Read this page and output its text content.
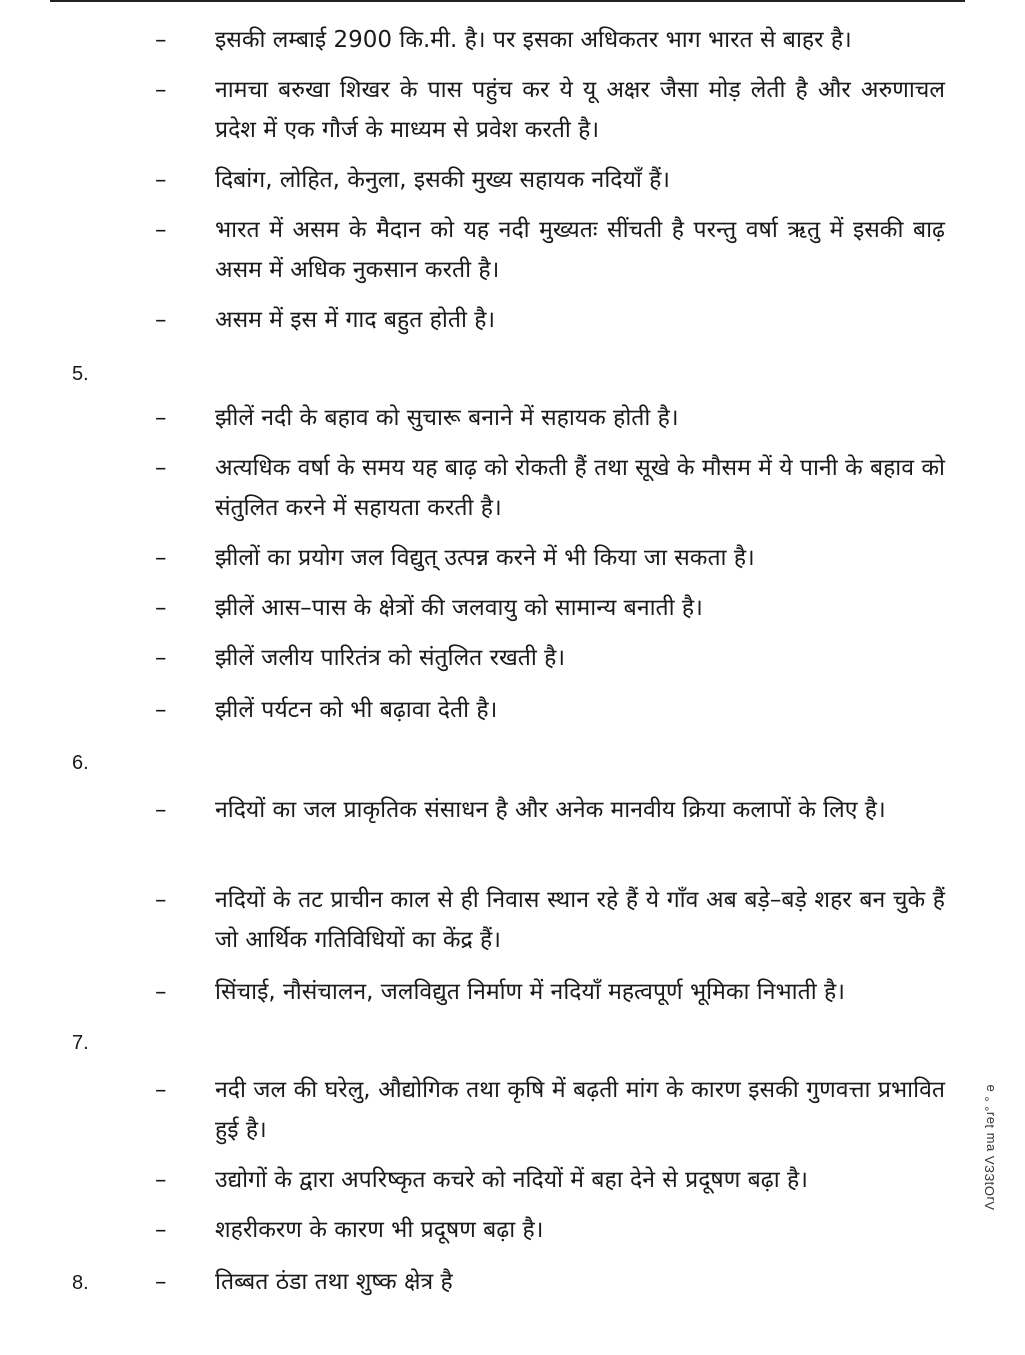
–	इसकी लम्बाई 2900 कि.मी. है। पर इसका अधिकतर भाग भारत से बाहर है।
–	नामचा बरुखा शिखर के पास पहुंच कर ये यू अक्षर जैसा मोड़ लेती है और अरुणाचल प्रदेश में एक गौर्ज के माध्यम से प्रवेश करती है।
–	दिबांग, लोहित, केनुला, इसकी मुख्य सहायक नदियाँ हैं।
–	भारत में असम के मैदान को यह नदी मुख्यतः सींचती है परन्तु वर्षा ऋतु में इसकी बाढ़ असम में अधिक नुकसान करती है।
–	असम में इस में गाद बहुत होती है।
5.
–	झीलें नदी के बहाव को सुचारू बनाने में सहायक होती है।
–	अत्यधिक वर्षा के समय यह बाढ़ को रोकती हैं तथा सूखे के मौसम में ये पानी के बहाव को संतुलित करने में सहायता करती है।
–	झीलों का प्रयोग जल विद्युत् उत्पन्न करने में भी किया जा सकता है।
–	झीलें आस–पास के क्षेत्रों की जलवायु को सामान्य बनाती है।
–	झीलें जलीय पारितंत्र को संतुलित रखती है।
–	झीलें पर्यटन को भी बढ़ावा देती है।
6.
–	नदियों का जल प्राकृतिक संसाधन है और अनेक मानवीय क्रिया कलापों के लिए है।
–	नदियों के तट प्राचीन काल से ही निवास स्थान रहे हैं ये गाँव अब बड़े–बड़े शहर बन चुके हैं जो आर्थिक गतिविधियों का केंद्र हैं।
–	सिंचाई, नौसंचालन, जलविद्युत निर्माण में नदियाँ महत्वपूर्ण भूमिका निभाती है।
7.
–	नदी जल की घरेलु, औद्योगिक तथा कृषि में बढ़ती मांग के कारण इसकी गुणवत्ता प्रभावित हुई है।
–	उद्योगों के द्वारा अपरिष्कृत कचरे को नदियों में बहा देने से प्रदूषण बढ़ा है।
–	शहरीकरण के कारण भी प्रदूषण बढ़ा है।
8.	–	तिब्बत ठंडा तथा शुष्क क्षेत्र है
ɅɹOʇƐƐɅ ɐɯ ʇǝɹ° ° ǝ
